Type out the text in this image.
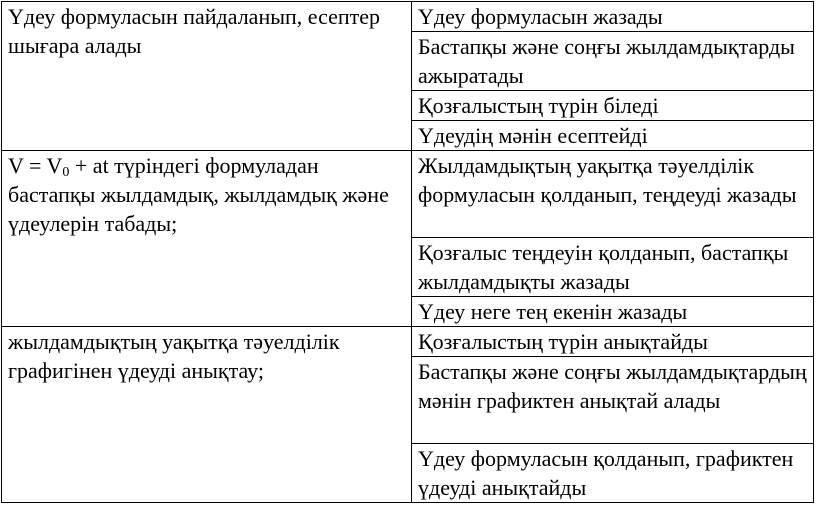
Үдеу формуласын пайдаланып, есептер шығара алады	Үдеу формуласын жазады
	Бастапқы және соңғы жылдамдықтарды ажыратады
	Қозғалыстың түрін біледі
	Үдеудің мәнін есептейді
$V = V_0$ + at түріндегі формуладан бастапқы жылдамдық, жылдамдық және үдеулерін табады;	Жылдамдықтың уақытқа тәуелділік формуласын қолданып, теңдеуді жазады
	Қозғалыс теңдеуін қолданып, бастапқы жылдамдықты жазады
	Үдеу неге тең екенін жазады
жылдамдықтың уақытқа тәуелділік графигінен үдеуді анықтау;	Қозғалыстың түрін анықтайды
	Бастапқы және соңғы жылдамдықтардың мәнін графиктен анықтай алады
	Үдеу формуласын қолданып, графиктен үдеуді анықтайды
